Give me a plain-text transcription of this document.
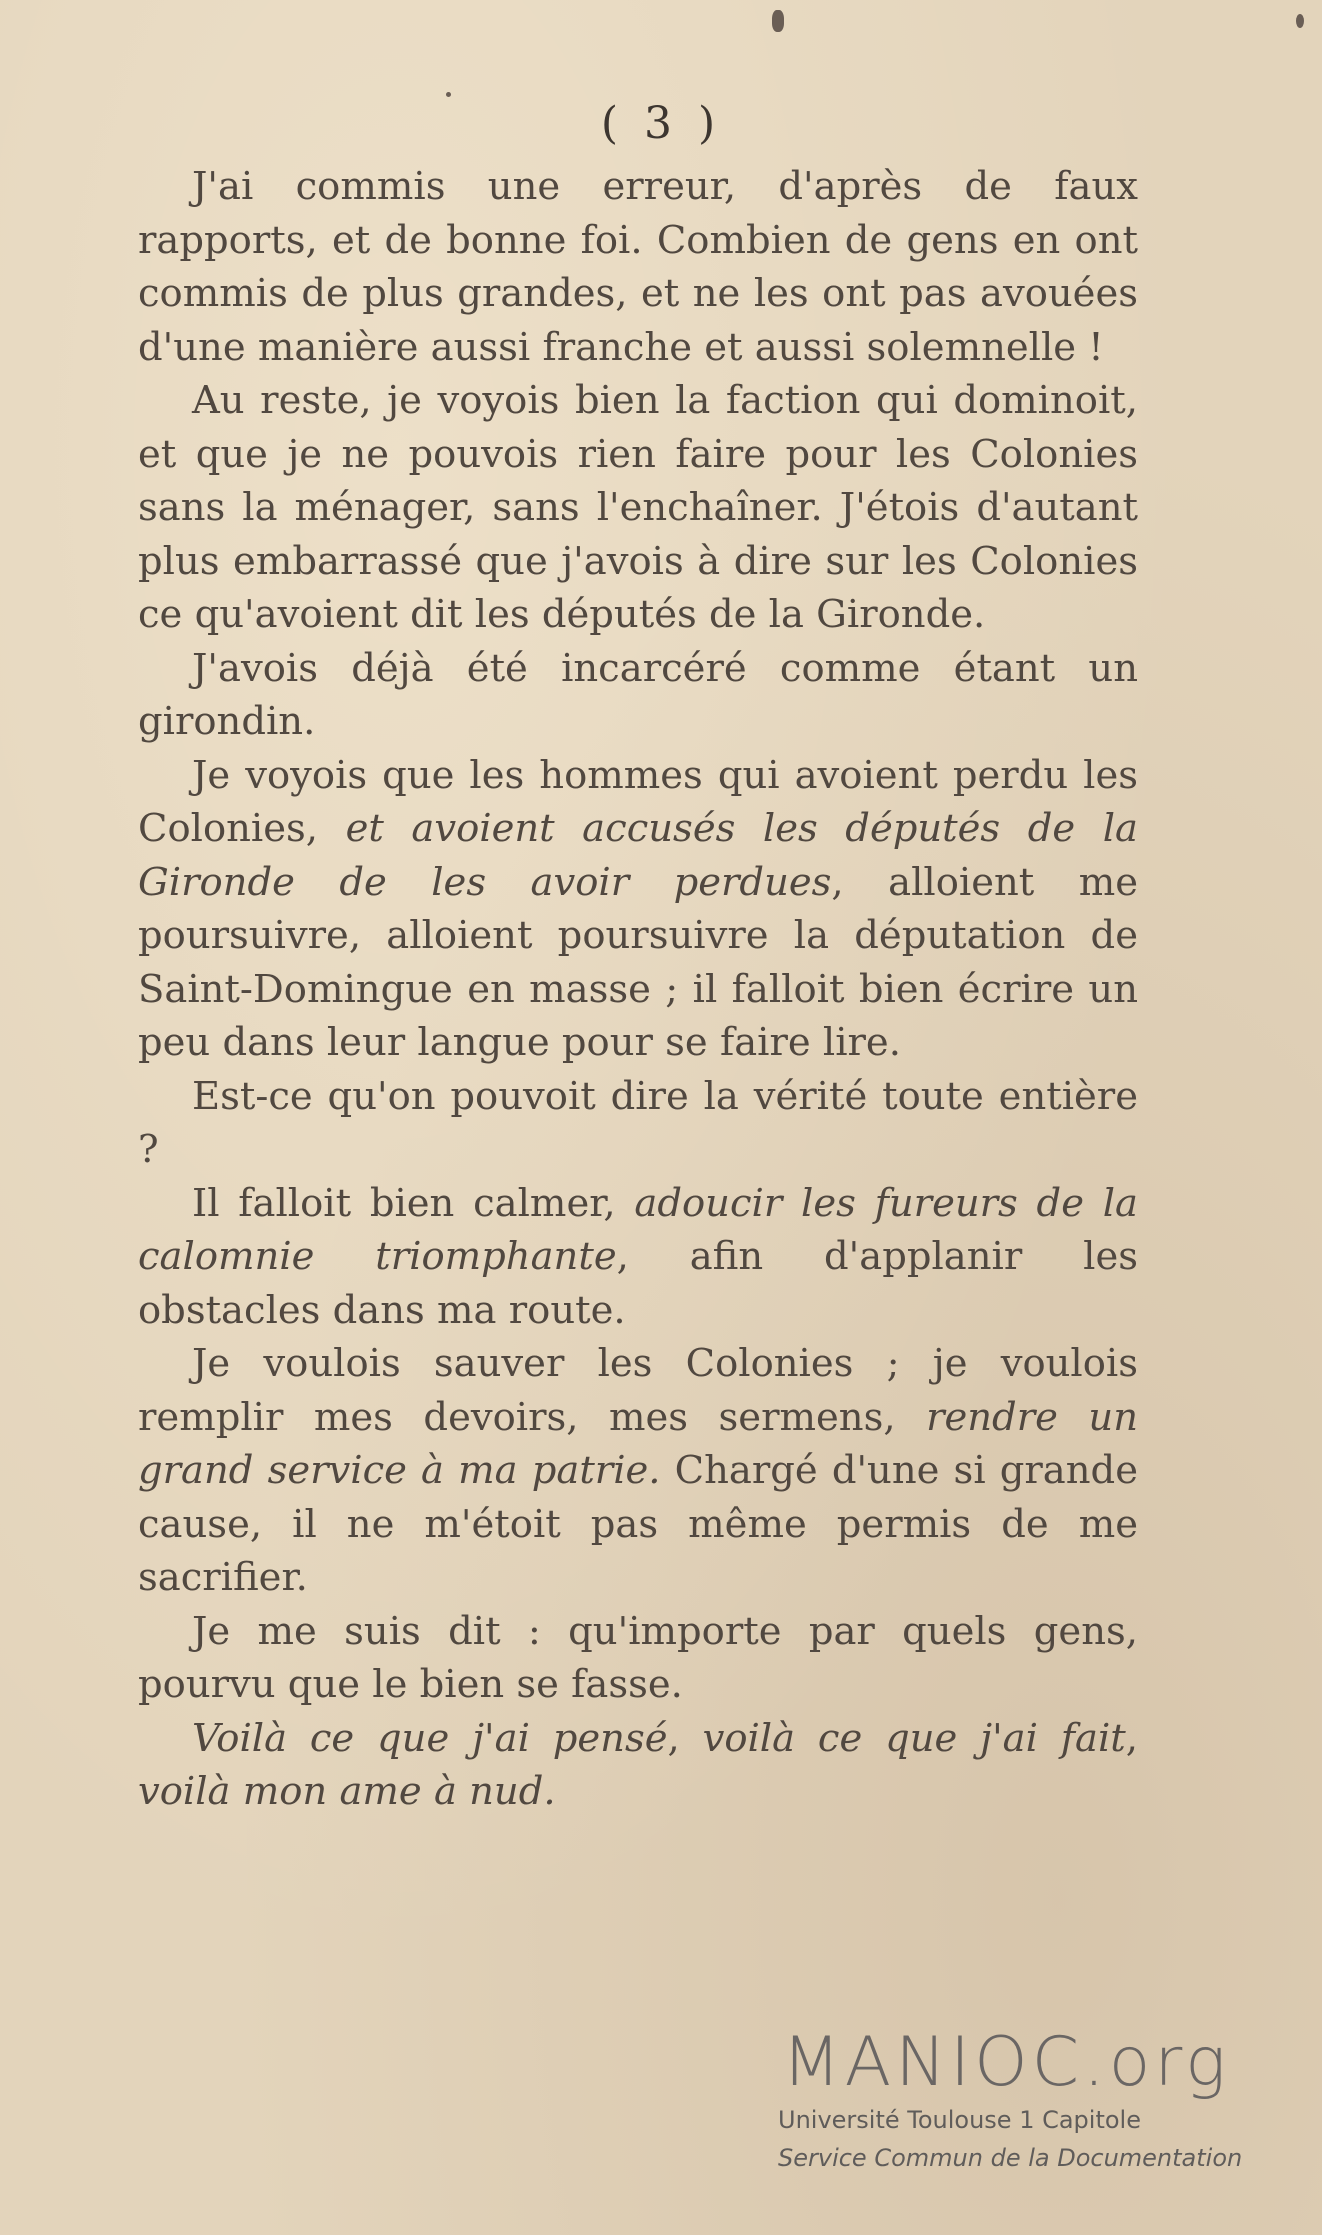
( 3 )

J'ai commis une erreur, d'après de faux rapports, et de bonne foi. Combien de gens en ont commis de plus grandes, et ne les ont pas avouées d'une manière aussi franche et aussi solemnelle !

Au reste, je voyois bien la faction qui dominoit, et que je ne pouvois rien faire pour les Colonies sans la ménager, sans l'enchaîner. J'étois d'autant plus embarrassé que j'avois à dire sur les Colonies ce qu'avoient dit les députés de la Gironde.

J'avois déjà été incarcéré comme étant un girondin.

Je voyois que les hommes qui avoient perdu les Colonies, et avoient accusés les députés de la Gironde de les avoir perdues, alloient me poursuivre, alloient poursuivre la députation de Saint-Domingue en masse ; il falloit bien écrire un peu dans leur langue pour se faire lire.

Est-ce qu'on pouvoit dire la vérité toute entière ?

Il falloit bien calmer, adoucir les fureurs de la calomnie triomphante, afin d'applanir les obstacles dans ma route.

Je voulois sauver les Colonies ; je voulois remplir mes devoirs, mes sermens, rendre un grand service à ma patrie. Chargé d'une si grande cause, il ne m'étoit pas même permis de me sacrifier.

Je me suis dit : qu'importe par quels gens, pourvu que le bien se fasse.

Voilà ce que j'ai pensé, voilà ce que j'ai fait, voilà mon ame à nud.

MANIOC.org
Université Toulouse 1 Capitole
Service Commun de la Documentation
